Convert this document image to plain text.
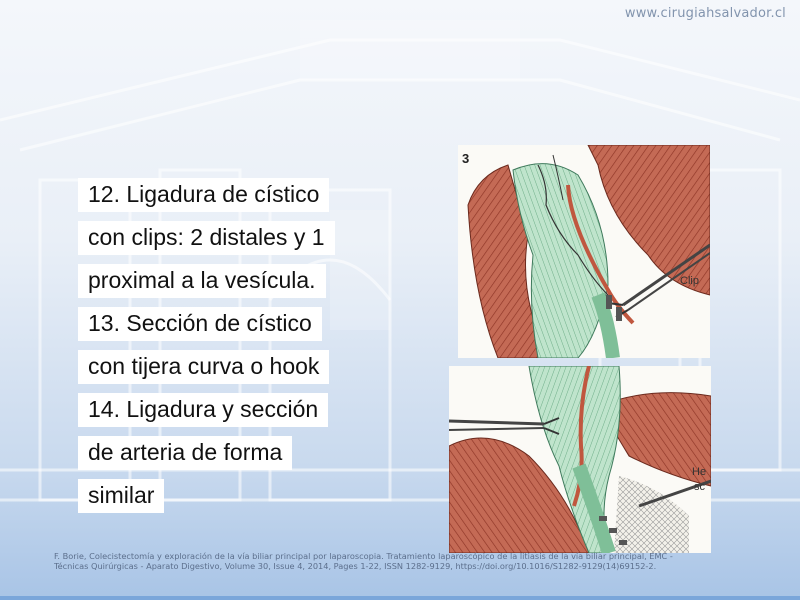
www.cirugiahsalvador.cl
12. Ligadura de cístico
con clips: 2 distales y 1
proximal a la vesícula.
13. Sección de cístico
con tijera curva o hook
14. Ligadura y sección
de arteria de forma
similar
3
Clip
He
sc
F. Borie, Colecistectomía y exploración de la vía biliar principal por laparoscopia. Tratamiento laparoscópico de la litiasis de la vía biliar principal, EMC -
Técnicas Quirúrgicas - Aparato Digestivo, Volume 30, Issue 4, 2014, Pages 1-22, ISSN 1282-9129, https://doi.org/10.1016/S1282-9129(14)69152-2.
